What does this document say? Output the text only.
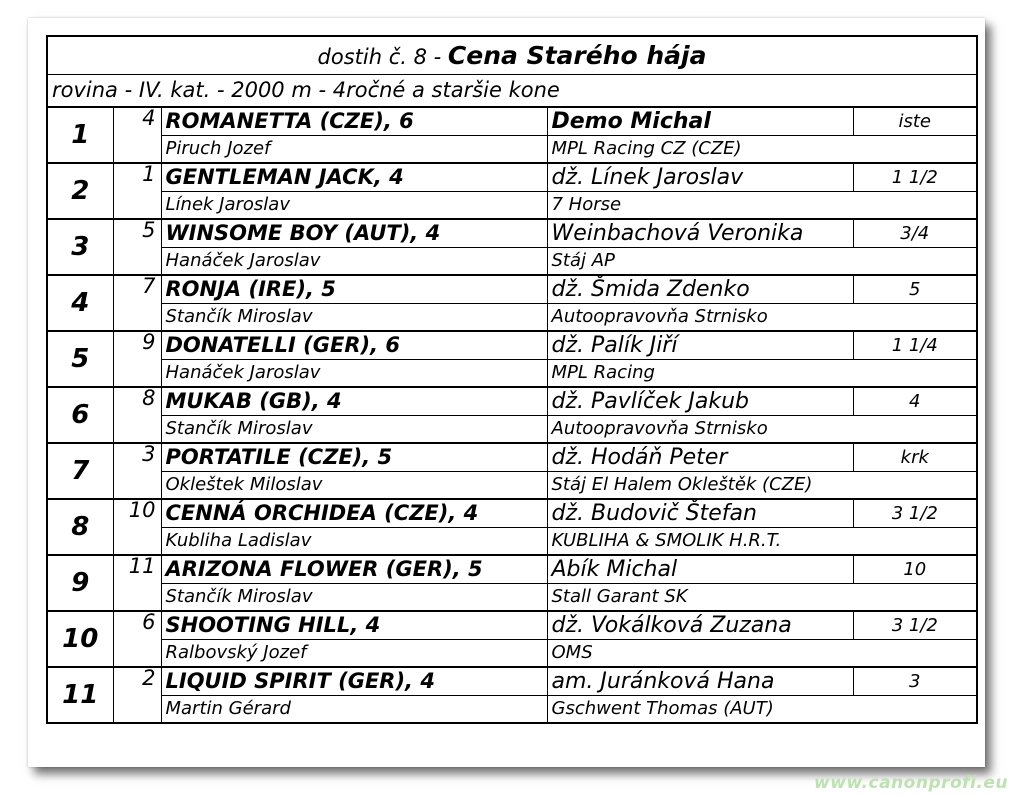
dostih č. 8 - Cena Starého hája				
rovina - IV. kat. - 2000 m - 4ročné a staršie kone				
1	4	ROMANETTA (CZE), 6	Demo Michal	iste
		Piruch Jozef	MPL Racing CZ (CZE)	
2	1	GENTLEMAN JACK, 4	dž. Línek Jaroslav	1 1/2
		Línek Jaroslav	7 Horse	
3	5	WINSOME BOY (AUT), 4	Weinbachová Veronika	3/4
		Hanáček Jaroslav	Stáj AP	
4	7	RONJA (IRE), 5	dž. Šmida Zdenko	5
		Stančík Miroslav	Autoopravovňa Strnisko	
5	9	DONATELLI (GER), 6	dž. Palík Jiří	1 1/4
		Hanáček Jaroslav	MPL Racing	
6	8	MUKAB (GB), 4	dž. Pavlíček Jakub	4
		Stančík Miroslav	Autoopravovňa Strnisko	
7	3	PORTATILE (CZE), 5	dž. Hodáň Peter	krk
		Okleštek Miloslav	Stáj El Halem Okleštěk (CZE)	
8	10	CENNÁ ORCHIDEA (CZE), 4	dž. Budovič Štefan	3 1/2
		Kubliha Ladislav	KUBLIHA & SMOLIK H.R.T.	
9	11	ARIZONA FLOWER (GER), 5	Abík Michal	10
		Stančík Miroslav	Stall Garant SK	
10	6	SHOOTING HILL, 4	dž. Vokálková Zuzana	3 1/2
		Ralbovský Jozef	OMS	
11	2	LIQUID SPIRIT (GER), 4	am. Juránková Hana	3
		Martin Gérard	Gschwent Thomas (AUT)	
www.canonprofi.eu
